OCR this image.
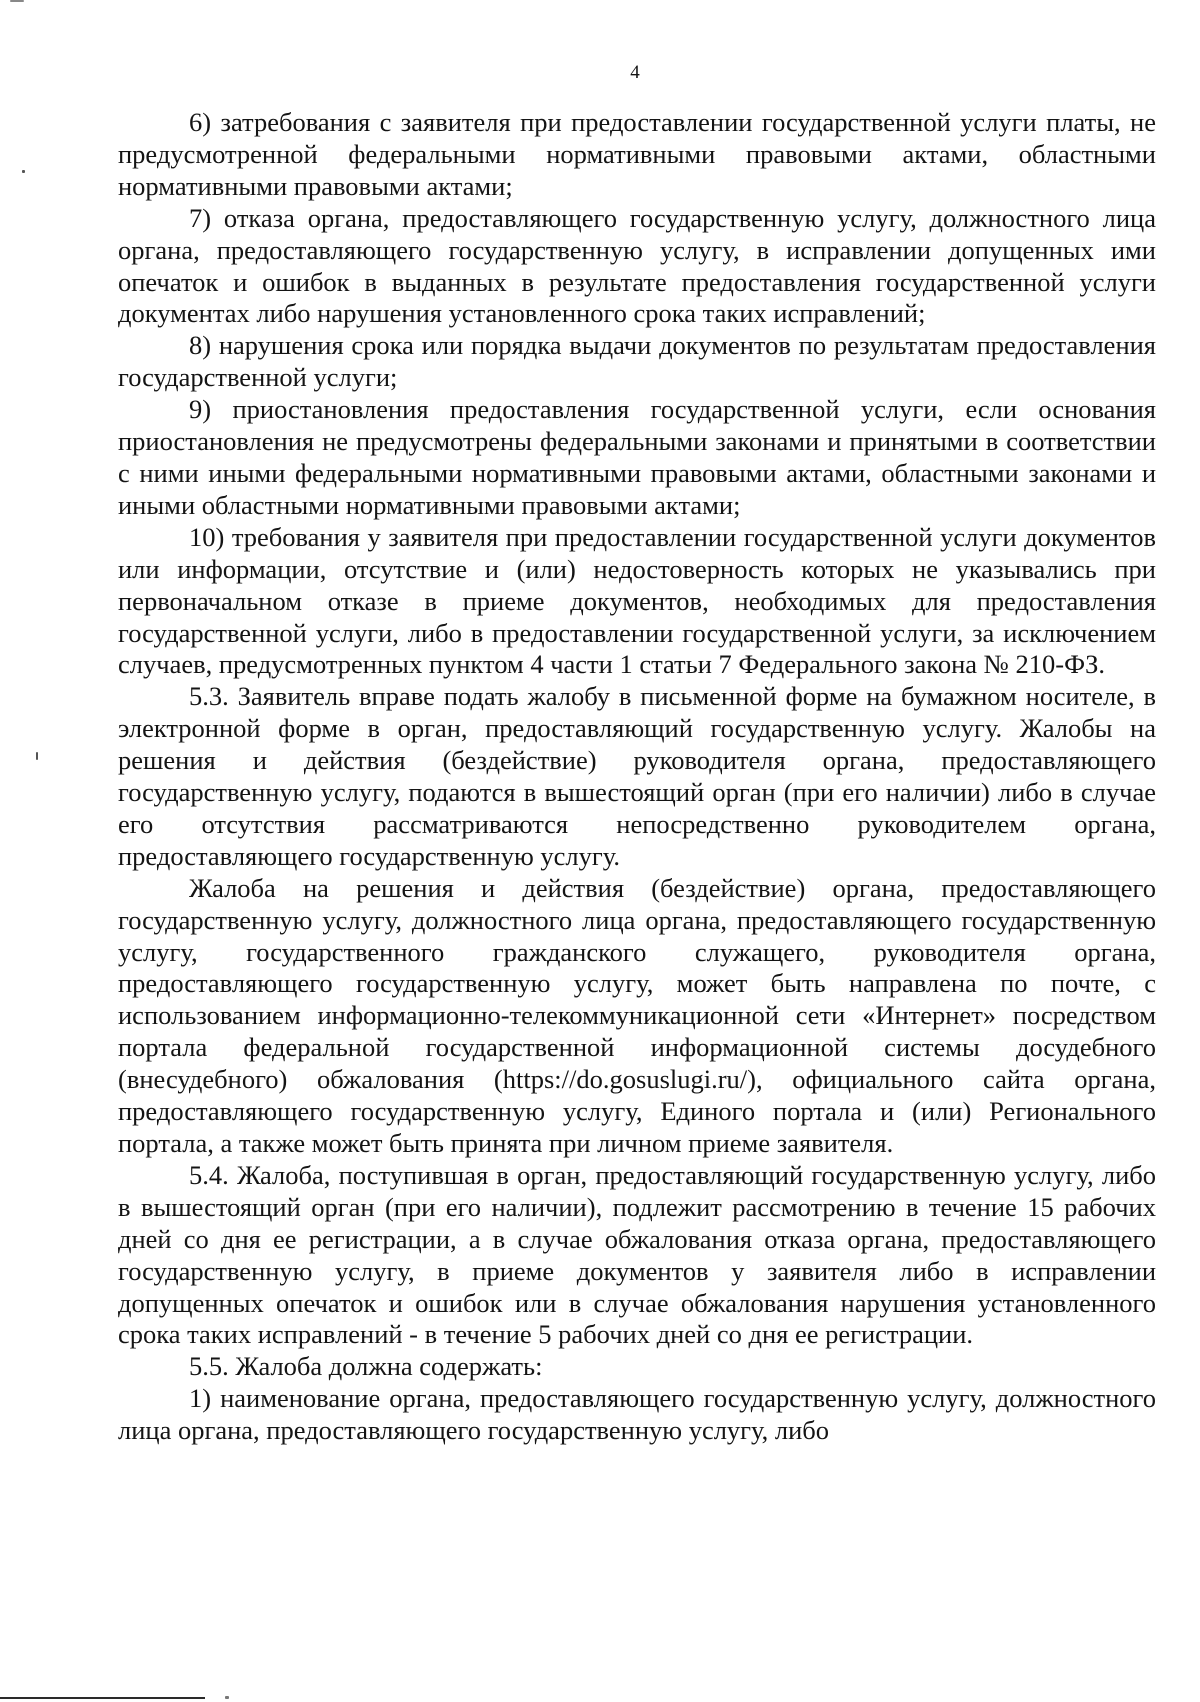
4

6) затребования с заявителя при предоставлении государственной услуги платы, не предусмотренной федеральными нормативными правовыми актами, областными нормативными правовыми актами;

7) отказа органа, предоставляющего государственную услугу, должностного лица органа, предоставляющего государственную услугу, в исправлении допущенных ими опечаток и ошибок в выданных в результате предоставления государственной услуги документах либо нарушения установленного срока таких исправлений;

8) нарушения срока или порядка выдачи документов по результатам предоставления государственной услуги;

9) приостановления предоставления государственной услуги, если основания приостановления не предусмотрены федеральными законами и принятыми в соответствии с ними иными федеральными нормативными правовыми актами, областными законами и иными областными нормативными правовыми актами;

10) требования у заявителя при предоставлении государственной услуги документов или информации, отсутствие и (или) недостоверность которых не указывались при первоначальном отказе в приеме документов, необходимых для предоставления государственной услуги, либо в предоставлении государственной услуги, за исключением случаев, предусмотренных пунктом 4 части 1 статьи 7 Федерального закона № 210-ФЗ.

5.3. Заявитель вправе подать жалобу в письменной форме на бумажном носителе, в электронной форме в орган, предоставляющий государственную услугу. Жалобы на решения и действия (бездействие) руководителя органа, предоставляющего государственную услугу, подаются в вышестоящий орган (при его наличии) либо в случае его отсутствия рассматриваются непосредственно руководителем органа, предоставляющего государственную услугу.

Жалоба на решения и действия (бездействие) органа, предоставляющего государственную услугу, должностного лица органа, предоставляющего государственную услугу, государственного гражданского служащего, руководителя органа, предоставляющего государственную услугу, может быть направлена по почте, с использованием информационно-телекоммуникационной сети «Интернет» посредством портала федеральной государственной информационной системы досудебного (внесудебного) обжалования (https://do.gosuslugi.ru/), официального сайта органа, предоставляющего государственную услугу, Единого портала и (или) Регионального портала, а также может быть принята при личном приеме заявителя.

5.4. Жалоба, поступившая в орган, предоставляющий государственную услугу, либо в вышестоящий орган (при его наличии), подлежит рассмотрению в течение 15 рабочих дней со дня ее регистрации, а в случае обжалования отказа органа, предоставляющего государственную услугу, в приеме документов у заявителя либо в исправлении допущенных опечаток и ошибок или в случае обжалования нарушения установленного срока таких исправлений - в течение 5 рабочих дней со дня ее регистрации.

5.5. Жалоба должна содержать:

1) наименование органа, предоставляющего государственную услугу, должностного лица органа, предоставляющего государственную услугу, либо
